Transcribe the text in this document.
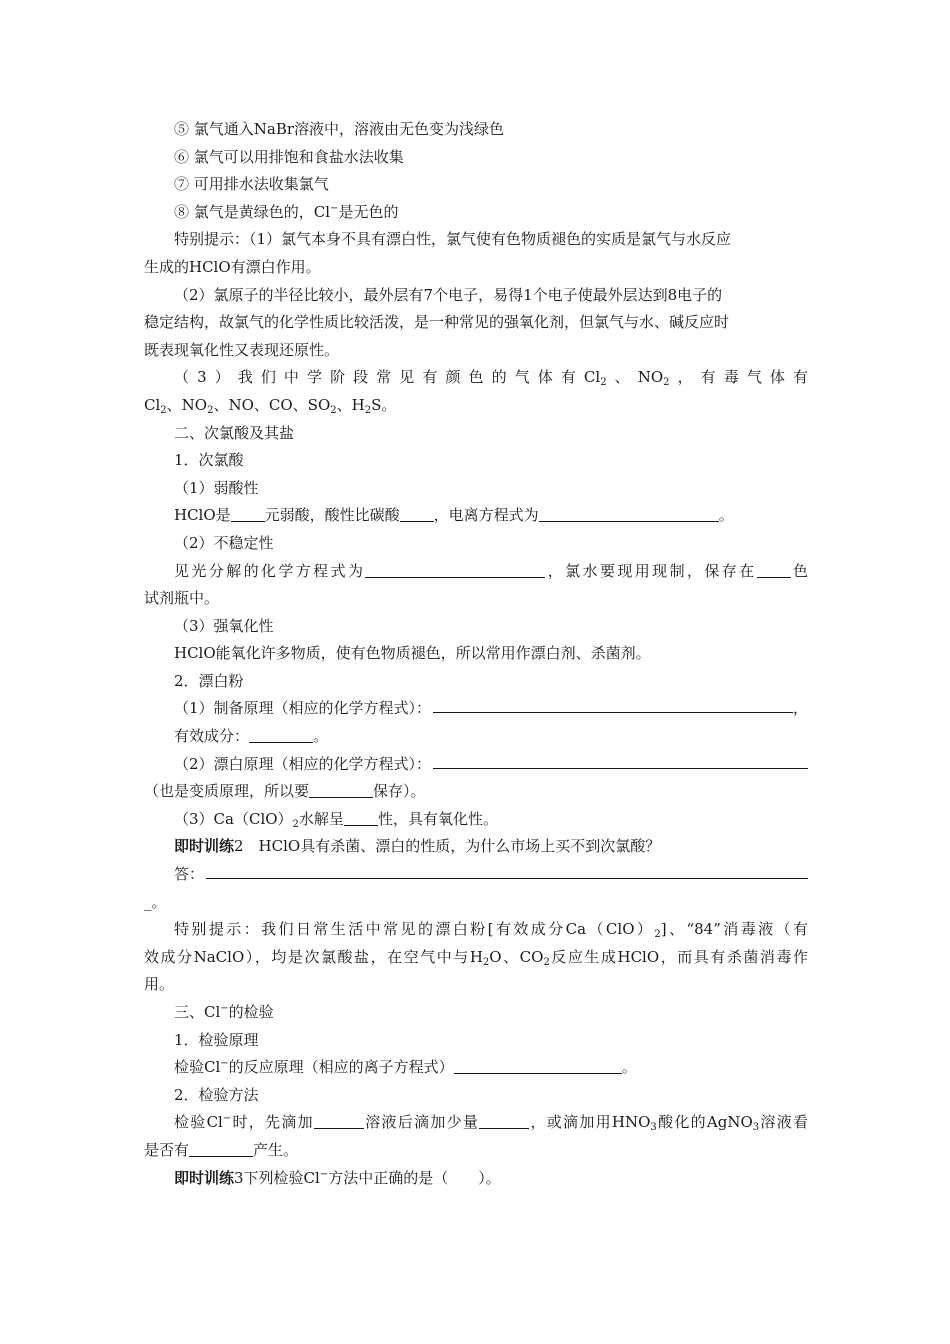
⑤ 氯气通入NaBr溶液中，溶液由无色变为浅绿色
⑥ 氯气可以用排饱和食盐水法收集
⑦ 可用排水法收集氯气
⑧ 氯气是黄绿色的，Cl−是无色的
特别提示：（1）氯气本身不具有漂白性，氯气使有色物质褪色的实质是氯气与水反应
生成的HClO有漂白作用。
（2）氯原子的半径比较小，最外层有7个电子，易得1个电子使最外层达到8电子的
稳定结构，故氯气的化学性质比较活泼，是一种常见的强氧化剂，但氯气与水、碱反应时
既表现氧化性又表现还原性。
（3）我们中学阶段常见有颜色的气体有$Cl_2$、$NO_2$，有毒气体有
$Cl_2$、$NO_2$、NO、CO、$SO_2$、$H_2S$。
二、次氯酸及其盐
1．次氯酸
（1）弱酸性
HClO是 元弱酸，酸性比碳酸 ，电离方程式为	。
（2）不稳定性
见光分解的化学方程式为	，氯水要现用现制，保存在 色
试剂瓶中。
（3）强氧化性
HClO能氧化许多物质，使有色物质褪色，所以常用作漂白剂、杀菌剂。
2．漂白粉
（1）制备原理（相应的化学方程式）：	，
有效成分：	。
（2）漂白原理（相应的化学方程式）：
（也是变质原理，所以要	保存）。
$(3)Ca(ClO)_2$水解呈 性，具有氧化性。
即时训练2　HClO具有杀菌、漂白的性质，为什么市场上买不到次氯酸？
答：
_。
特别提示：我们日常生活中常见的漂白粉[有效成分$Ca(ClO)_2$]、“84”消毒液（有
效成分NaClO），均是次氯酸盐，在空气中与$H_2O$、$CO_2$反应生成HClO，而具有杀菌消毒作
用。
三、Cl−的检验
1．检验原理
检验Cl−的反应原理（相应的离子方程式）	。
2．检验方法
检验Cl−时，先滴加	溶液后滴加少量	，或滴加用$HNO_3$酸化的AgNO$_3$溶液看
是否有	产生。
即时训练3下列检验Cl−方法中正确的是（　　）。
